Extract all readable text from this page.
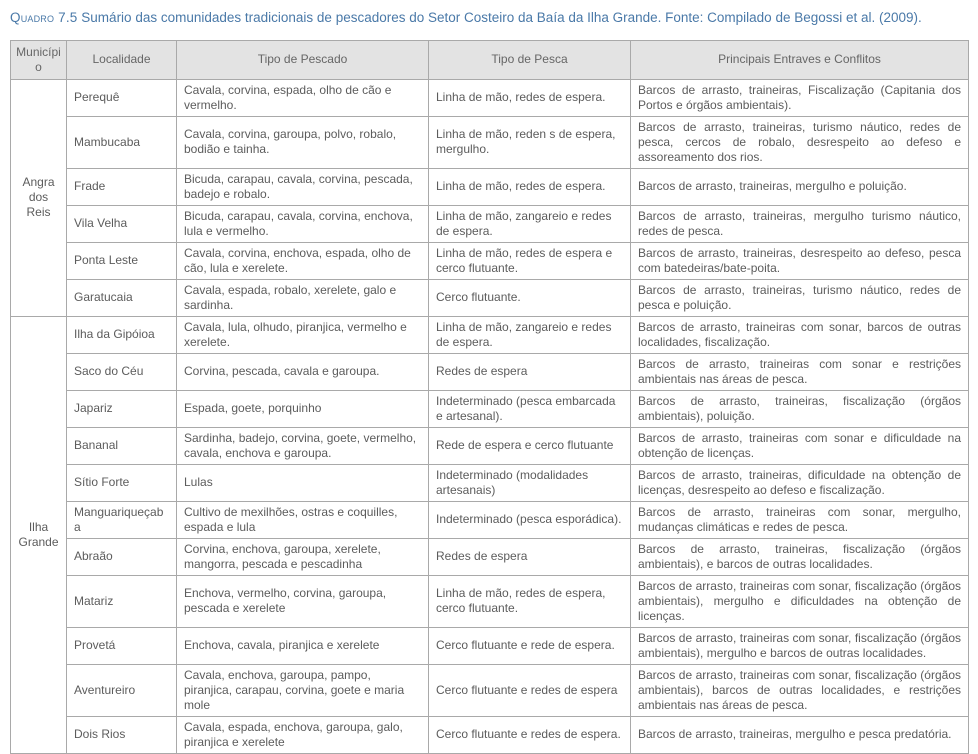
Quadro 7.5 Sumário das comunidades tradicionais de pescadores do Setor Costeiro da Baía da Ilha Grande. Fonte: Compilado de Begossi et al. (2009).
Município	Localidade	Tipo de Pescado	Tipo de Pesca	Principais Entraves e Conflitos
Angra dos Reis	Perequê	Cavala, corvina, espada, olho de cão e vermelho.	Linha de mão, redes de espera.	Barcos de arrasto, traineiras, Fiscalização (Capitania dos Portos e órgãos ambientais).
	Mambucaba	Cavala, corvina, garoupa, polvo, robalo, bodião e tainha.	Linha de mão, reden s de espera, mergulho.	Barcos de arrasto, traineiras, turismo náutico, redes de pesca, cercos de robalo, desrespeito ao defeso e assoreamento dos rios.
	Frade	Bicuda, carapau, cavala, corvina, pescada, badejo e robalo.	Linha de mão, redes de espera.	Barcos de arrasto, traineiras, mergulho e poluição.
	Vila Velha	Bicuda, carapau, cavala, corvina, enchova, lula e vermelho.	Linha de mão, zangareio e redes de espera.	Barcos de arrasto, traineiras, mergulho turismo náutico, redes de pesca.
	Ponta Leste	Cavala, corvina, enchova, espada, olho de cão, lula e xerelete.	Linha de mão, redes de espera e cerco flutuante.	Barcos de arrasto, traineiras, desrespeito ao defeso, pesca com batedeiras/bate-poita.
	Garatucaia	Cavala, espada, robalo, xerelete, galo e sardinha.	Cerco flutuante.	Barcos de arrasto, traineiras, turismo náutico, redes de pesca e poluição.
Ilha Grande	Ilha da Gipóioa	Cavala, lula, olhudo, piranjica, vermelho e xerelete.	Linha de mão, zangareio e redes de espera.	Barcos de arrasto, traineiras com sonar, barcos de outras localidades, fiscalização.
	Saco do Céu	Corvina, pescada, cavala e garoupa.	Redes de espera	Barcos de arrasto, traineiras com sonar e restrições ambientais nas áreas de pesca.
	Japariz	Espada, goete, porquinho	Indeterminado (pesca embarcada e artesanal).	Barcos de arrasto, traineiras, fiscalização (órgãos ambientais), poluição.
	Bananal	Sardinha, badejo, corvina, goete, vermelho, cavala, enchova e garoupa.	Rede de espera e cerco flutuante	Barcos de arrasto, traineiras com sonar e dificuldade na obtenção de licenças.
	Sítio Forte	Lulas	Indeterminado (modalidades artesanais)	Barcos de arrasto, traineiras, dificuldade na obtenção de licenças, desrespeito ao defeso e fiscalização.
	Manguariqueçaba	Cultivo de mexilhões, ostras e coquilles, espada e lula	Indeterminado (pesca esporádica).	Barcos de arrasto, traineiras com sonar, mergulho, mudanças climáticas e redes de pesca.
	Abraão	Corvina, enchova, garoupa, xerelete, mangorra, pescada e pescadinha	Redes de espera	Barcos de arrasto, traineiras, fiscalização (órgãos ambientais), e barcos de outras localidades.
	Matariz	Enchova, vermelho, corvina, garoupa, pescada e xerelete	Linha de mão, redes de espera, cerco flutuante.	Barcos de arrasto, traineiras com sonar, fiscalização (órgãos ambientais), mergulho e dificuldades na obtenção de licenças.
	Provetá	Enchova, cavala, piranjica e xerelete	Cerco flutuante e rede de espera.	Barcos de arrasto, traineiras com sonar, fiscalização (órgãos ambientais), mergulho e barcos de outras localidades.
	Aventureiro	Cavala, enchova, garoupa, pampo, piranjica, carapau, corvina, goete e maria mole	Cerco flutuante e redes de espera	Barcos de arrasto, traineiras com sonar, fiscalização (órgãos ambientais), barcos de outras localidades, e restrições ambientais nas áreas de pesca.
	Dois Rios	Cavala, espada, enchova, garoupa, galo, piranjica e xerelete	Cerco flutuante e redes de espera.	Barcos de arrasto, traineiras, mergulho e pesca predatória.
